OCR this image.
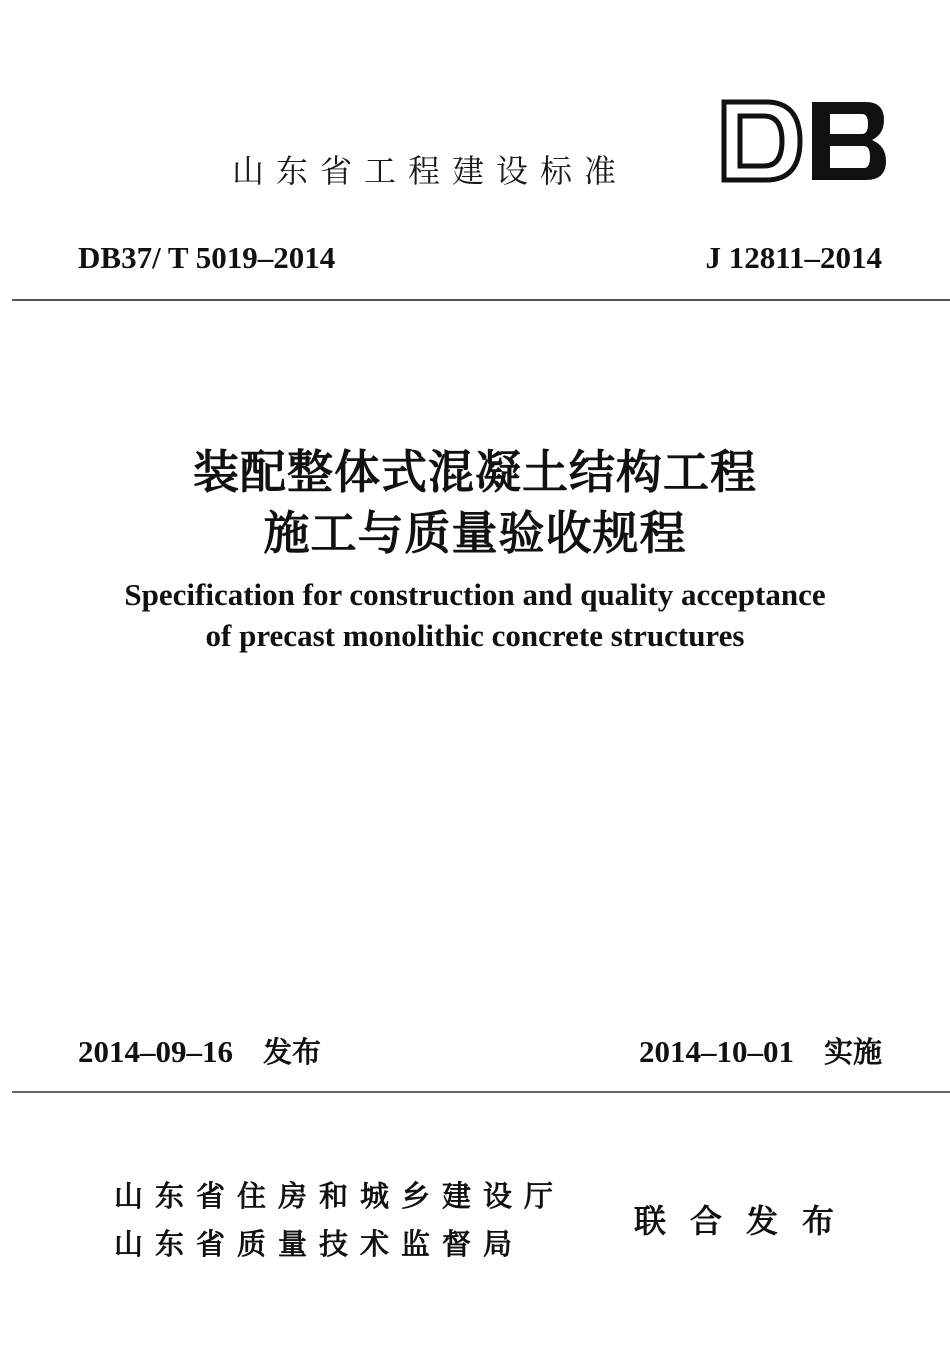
山东省工程建设标准
DB37/ T 5019–2014	J 12811–2014
装配整体式混凝土结构工程
施工与质量验收规程
Specification for construction and quality acceptance
of precast monolithic concrete structures
2014–09–16 发布	2014–10–01 实施
山东省住房和城乡建设厅
山东省质量技术监督局
联合发布
